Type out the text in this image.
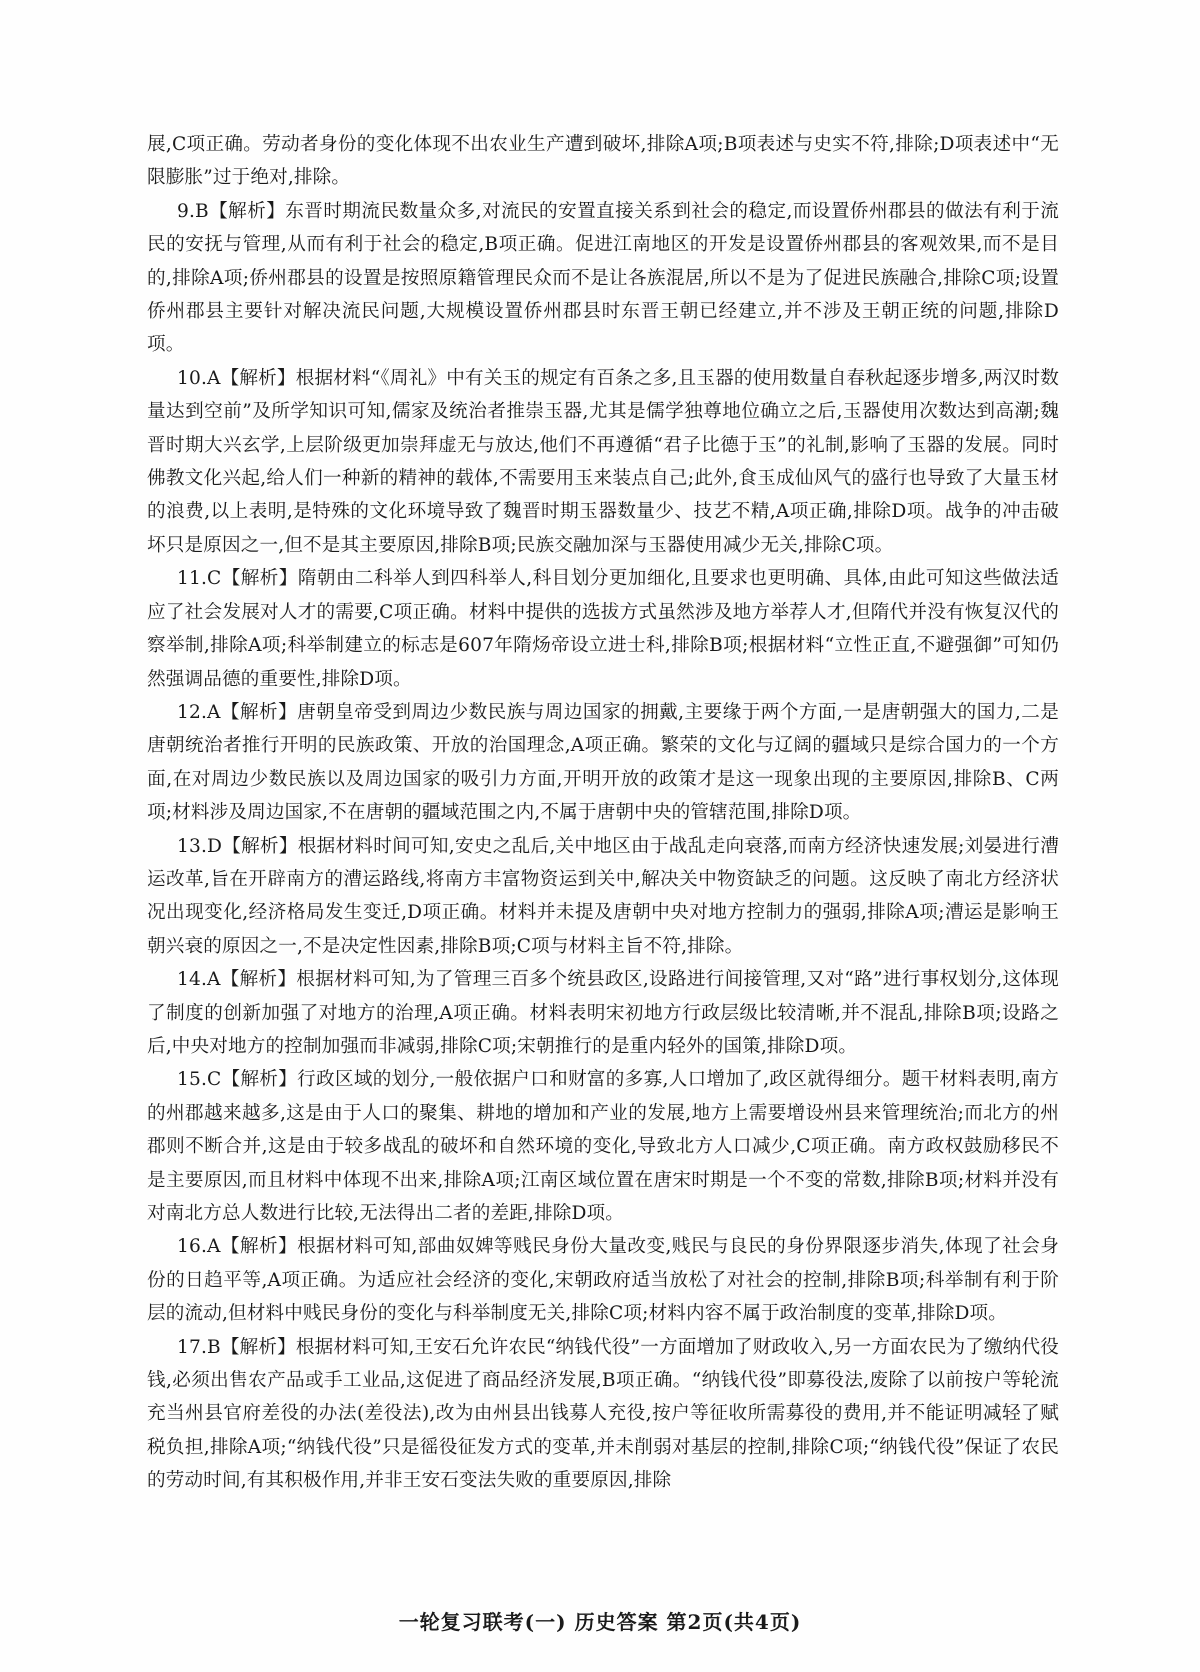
展,C项正确。劳动者身份的变化体现不出农业生产遭到破坏,排除A项;B项表述与史实不符,排除;D项表述中“无限膨胀”过于绝对,排除。

9.B【解析】东晋时期流民数量众多,对流民的安置直接关系到社会的稳定,而设置侨州郡县的做法有利于流民的安抚与管理,从而有利于社会的稳定,B项正确。促进江南地区的开发是设置侨州郡县的客观效果,而不是目的,排除A项;侨州郡县的设置是按照原籍管理民众而不是让各族混居,所以不是为了促进民族融合,排除C项;设置侨州郡县主要针对解决流民问题,大规模设置侨州郡县时东晋王朝已经建立,并不涉及王朝正统的问题,排除D项。

10.A【解析】根据材料“《周礼》中有关玉的规定有百条之多,且玉器的使用数量自春秋起逐步增多,两汉时数量达到空前”及所学知识可知,儒家及统治者推崇玉器,尤其是儒学独尊地位确立之后,玉器使用次数达到高潮;魏晋时期大兴玄学,上层阶级更加崇拜虚无与放达,他们不再遵循“君子比德于玉”的礼制,影响了玉器的发展。同时佛教文化兴起,给人们一种新的精神的载体,不需要用玉来装点自己;此外,食玉成仙风气的盛行也导致了大量玉材的浪费,以上表明,是特殊的文化环境导致了魏晋时期玉器数量少、技艺不精,A项正确,排除D项。战争的冲击破坏只是原因之一,但不是其主要原因,排除B项;民族交融加深与玉器使用减少无关,排除C项。

11.C【解析】隋朝由二科举人到四科举人,科目划分更加细化,且要求也更明确、具体,由此可知这些做法适应了社会发展对人才的需要,C项正确。材料中提供的选拔方式虽然涉及地方举荐人才,但隋代并没有恢复汉代的察举制,排除A项;科举制建立的标志是607年隋炀帝设立进士科,排除B项;根据材料“立性正直,不避强御”可知仍然强调品德的重要性,排除D项。

12.A【解析】唐朝皇帝受到周边少数民族与周边国家的拥戴,主要缘于两个方面,一是唐朝强大的国力,二是唐朝统治者推行开明的民族政策、开放的治国理念,A项正确。繁荣的文化与辽阔的疆域只是综合国力的一个方面,在对周边少数民族以及周边国家的吸引力方面,开明开放的政策才是这一现象出现的主要原因,排除B、C两项;材料涉及周边国家,不在唐朝的疆域范围之内,不属于唐朝中央的管辖范围,排除D项。

13.D【解析】根据材料时间可知,安史之乱后,关中地区由于战乱走向衰落,而南方经济快速发展;刘晏进行漕运改革,旨在开辟南方的漕运路线,将南方丰富物资运到关中,解决关中物资缺乏的问题。这反映了南北方经济状况出现变化,经济格局发生变迁,D项正确。材料并未提及唐朝中央对地方控制力的强弱,排除A项;漕运是影响王朝兴衰的原因之一,不是决定性因素,排除B项;C项与材料主旨不符,排除。

14.A【解析】根据材料可知,为了管理三百多个统县政区,设路进行间接管理,又对“路”进行事权划分,这体现了制度的创新加强了对地方的治理,A项正确。材料表明宋初地方行政层级比较清晰,并不混乱,排除B项;设路之后,中央对地方的控制加强而非减弱,排除C项;宋朝推行的是重内轻外的国策,排除D项。

15.C【解析】行政区域的划分,一般依据户口和财富的多寡,人口增加了,政区就得细分。题干材料表明,南方的州郡越来越多,这是由于人口的聚集、耕地的增加和产业的发展,地方上需要增设州县来管理统治;而北方的州郡则不断合并,这是由于较多战乱的破坏和自然环境的变化,导致北方人口减少,C项正确。南方政权鼓励移民不是主要原因,而且材料中体现不出来,排除A项;江南区域位置在唐宋时期是一个不变的常数,排除B项;材料并没有对南北方总人数进行比较,无法得出二者的差距,排除D项。

16.A【解析】根据材料可知,部曲奴婢等贱民身份大量改变,贱民与良民的身份界限逐步消失,体现了社会身份的日趋平等,A项正确。为适应社会经济的变化,宋朝政府适当放松了对社会的控制,排除B项;科举制有利于阶层的流动,但材料中贱民身份的变化与科举制度无关,排除C项;材料内容不属于政治制度的变革,排除D项。

17.B【解析】根据材料可知,王安石允许农民“纳钱代役”一方面增加了财政收入,另一方面农民为了缴纳代役钱,必须出售农产品或手工业品,这促进了商品经济发展,B项正确。“纳钱代役”即募役法,废除了以前按户等轮流充当州县官府差役的办法(差役法),改为由州县出钱募人充役,按户等征收所需募役的费用,并不能证明减轻了赋税负担,排除A项;“纳钱代役”只是徭役征发方式的变革,并未削弱对基层的控制,排除C项;“纳钱代役”保证了农民的劳动时间,有其积极作用,并非王安石变法失败的重要原因,排除

一轮复习联考(一) 历史答案 第2页(共4页)
